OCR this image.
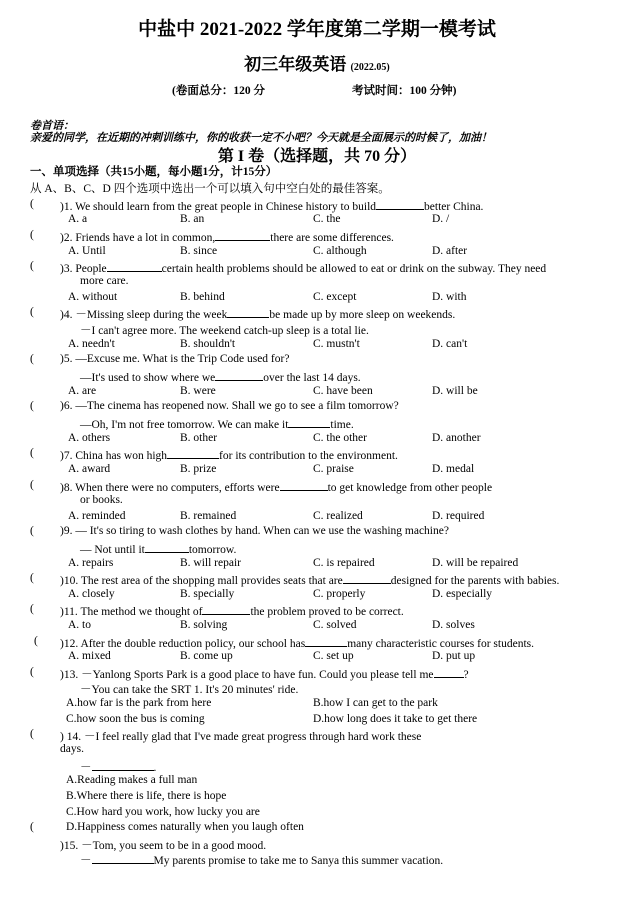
中盐中 2021-2022 学年度第二学期一模考试
初三年级英语 (2022.05)
(卷面总分：120 分	考试时间：100 分钟)
卷首语：
亲爱的同学，在近期的冲刺训练中，你的收获一定不小吧？今天就是全面展示的时候了，加油！
第 I 卷（选择题，共 70 分）
一、单项选择（共15小题，每小题1分，计15分）
从 A、B、C、D 四个选项中选出一个可以填入句中空白处的最佳答案。
( )1. We should learn from the great people in Chinese history to build	better China.
A. a	B. an	C. the	D. /
( )2. Friends have a lot in common,	there are some differences.
A. Until	B. since	C. although	D. after
( )3. People	certain health problems should be allowed to eat or drink on the subway. They need
more care.
A. without	B. behind	C. except	D. with
( )4. －Missing sleep during the week	be made up by more sleep on weekends.
－I can't agree more. The weekend catch-up sleep is a total lie.
A. needn't	B. shouldn't	C. mustn't	D. can't
( )5. —Excuse me. What is the Trip Code used for?
—It's used to show where we	over the last 14 days.
A. are	B. were	C. have been	D. will be
( )6. —The cinema has reopened now. Shall we go to see a film tomorrow?
—Oh, I'm not free tomorrow. We can make it	time.
A. others	B. other	C. the other	D. another
( )7. China has won high	for its contribution to the environment.
A. award	B. prize	C. praise	D. medal
( )8. When there were no computers, efforts were	to get knowledge from other people
or books.
A. reminded	B. remained	C. realized	D. required
( )9. — It's so tiring to wash clothes by hand. When can we use the washing machine?
— Not until it	tomorrow.
A. repairs	B. will repair	C. is repaired	D. will be repaired
( )10. The rest area of the shopping mall provides seats that are	designed for the parents with babies.
A. closely	B. specially	C. properly	D. especially
( )11. The method we thought of	the problem proved to be correct.
A. to	B. solving	C. solved	D. solves
( )12. After the double reduction policy, our school has	many characteristic courses for students.
A. mixed	B. come up	C. set up	D. put up
( )13. －Yanlong Sports Park is a good place to have fun. Could you please tell me	?
－You can take the SRT 1. It's 20 minutes' ride.
A.how far is the park from here	B.how I can get to the park
C.how soon the bus is coming	D.how long does it take to get there
( ) 14. －I feel really glad that I've made great progress through hard work these
days.
－	.
A.Reading makes a full man
B.Where there is life, there is hope
C.How hard you work, how lucky you are
D.Happiness comes naturally when you laugh often
(
)15. －Tom, you seem to be in a good mood.
－	My parents promise to take me to Sanya this summer vacation.
